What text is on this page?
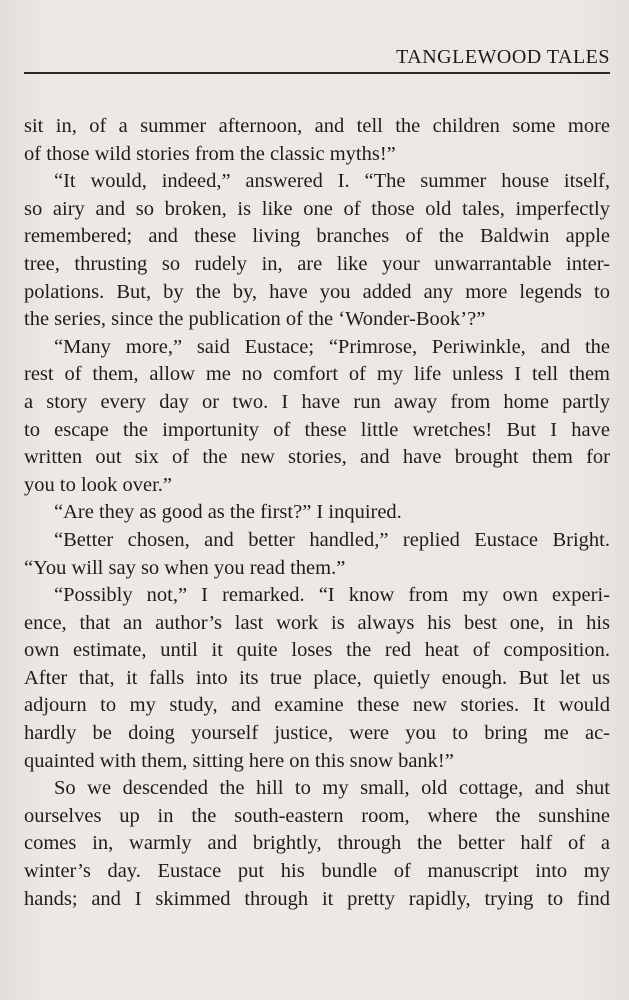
TANGLEWOOD TALES
sit in, of a summer afternoon, and tell the children some more
of those wild stories from the classic myths!”
“It would, indeed,” answered I. “The summer house itself,
so airy and so broken, is like one of those old tales, imperfectly
remembered; and these living branches of the Baldwin apple
tree, thrusting so rudely in, are like your unwarrantable inter-
polations. But, by the by, have you added any more legends to
the series, since the publication of the ‘Wonder-Book’?”
“Many more,” said Eustace; “Primrose, Periwinkle, and the
rest of them, allow me no comfort of my life unless I tell them
a story every day or two. I have run away from home partly
to escape the importunity of these little wretches! But I have
written out six of the new stories, and have brought them for
you to look over.”
“Are they as good as the first?” I inquired.
“Better chosen, and better handled,” replied Eustace Bright.
“You will say so when you read them.”
“Possibly not,” I remarked. “I know from my own experi-
ence, that an author’s last work is always his best one, in his
own estimate, until it quite loses the red heat of composition.
After that, it falls into its true place, quietly enough. But let us
adjourn to my study, and examine these new stories. It would
hardly be doing yourself justice, were you to bring me ac-
quainted with them, sitting here on this snow bank!”
So we descended the hill to my small, old cottage, and shut
ourselves up in the south-eastern room, where the sunshine
comes in, warmly and brightly, through the better half of a
winter’s day. Eustace put his bundle of manuscript into my
hands; and I skimmed through it pretty rapidly, trying to find
